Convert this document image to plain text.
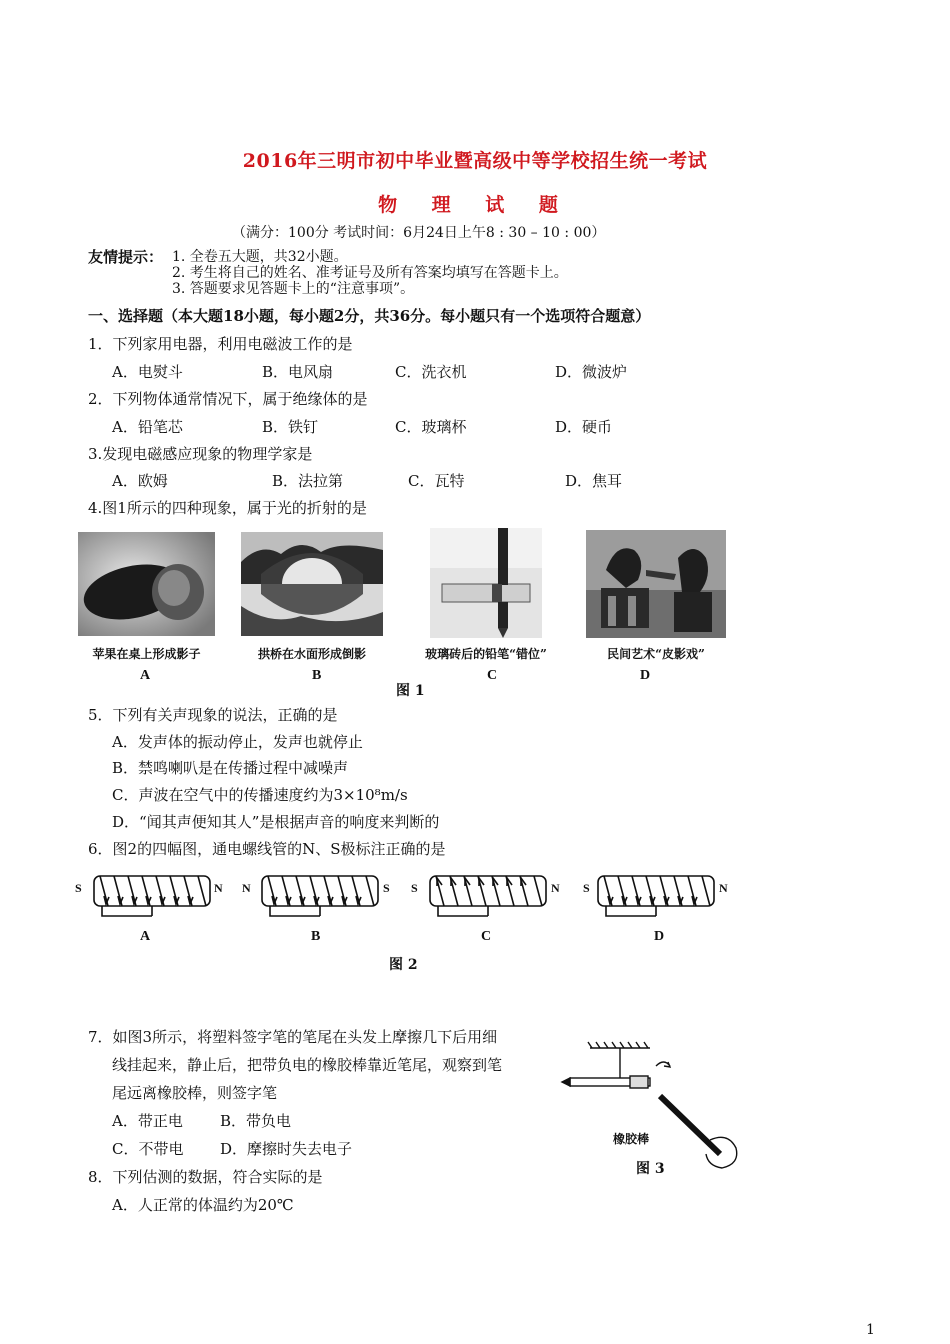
2016年三明市初中毕业暨高级中等学校招生统一考试
物 理 试 题
（满分：100分 考试时间：6月24日上午8 : 30 – 10 : 00）
友情提示： 1. 全卷五大题，共32小题。
2. 考生将自己的姓名、准考证号及所有答案均填写在答题卡上。
3. 答题要求见答题卡上的“注意事项”。
一、选择题（本大题18小题，每小题2分，共36分。每小题只有一个选项符合题意）
1．下列家用电器，利用电磁波工作的是
A．电熨斗	B．电风扇	C．洗衣机	D．微波炉
2．下列物体通常情况下，属于绝缘体的是
A．铅笔芯	B．铁钉	C．玻璃杯	D．硬币
3.发现电磁感应现象的物理学家是
A．欧姆	B．法拉第	C．瓦特	D．焦耳
4.图1所示的四种现象，属于光的折射的是
苹果在桌上形成影子	拱桥在水面形成倒影	玻璃砖后的铅笔“错位”	民间艺术“皮影戏”
A	B	C	D
图 1
5．下列有关声现象的说法，正确的是
A．发声体的振动停止，发声也就停止
B．禁鸣喇叭是在传播过程中减噪声
C．声波在空气中的传播速度约为3×10⁸m/s
D．“闻其声便知其人”是根据声音的响度来判断的
6．图2的四幅图，通电螺线管的N、S极标注正确的是
S	N N	S S	N S	N
A	B	C	D
图 2
7．如图3所示，将塑料签字笔的笔尾在头发上摩擦几下后用细
线挂起来，静止后，把带负电的橡胶棒靠近笔尾，观察到笔
尾远离橡胶棒，则签字笔
A．带正电 B．带负电
C．不带电 D．摩擦时失去电子
橡胶棒
图 3
8．下列估测的数据，符合实际的是
A．人正常的体温约为20℃
1
